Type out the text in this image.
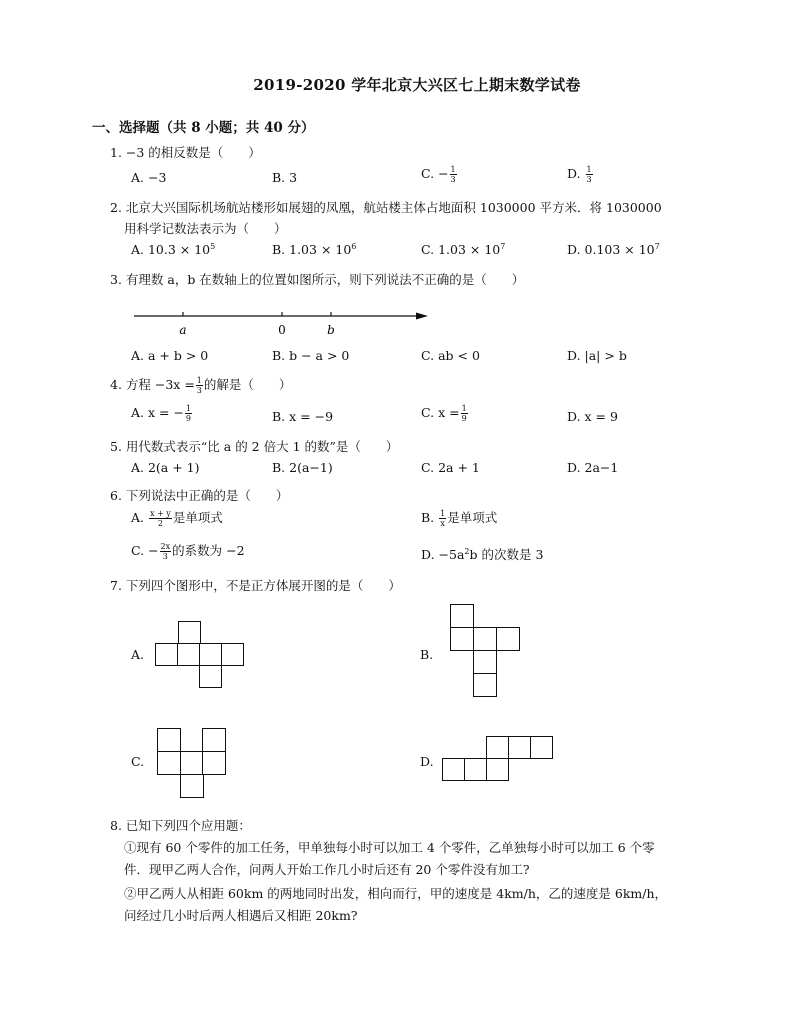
2019-2020 学年北京大兴区七上期末数学试卷
一、选择题（共 8 小题；共 40 分）
1. −3 的相反数是（　　）
A. −3	B. 3	C. − $\frac{1}{3}$	D. $\frac{1}{3}$
2. 北京大兴国际机场航站楼形如展翅的凤凰，航站楼主体占地面积 1030000 平方米．将 1030000
用科学记数法表示为（　　）
A. $10.3 \times 10^5$	B. $1.03 \times 10^6$	C. $1.03 \times 10^7$	D. $0.103 \times 10^7$
3. 有理数 a，b 在数轴上的位置如图所示，则下列说法不正确的是（　　）
a	0	b
A. a + b > 0	B. b − a > 0	C. ab < 0	D. |a| > b
4. 方程 $-3x = \frac{1}{3}$ 的解是（　　）
A. x = − $\frac{1}{9}$	B. x = −9	C. $x = \frac{1}{9}$	D. x = 9
5. 用代数式表示“比 a 的 2 倍大 1 的数”是（　　）
A. 2(a + 1)	B. 2(a−1)	C. 2a + 1	D. 2a−1
6. 下列说法中正确的是（　　）
A. $\frac{x + y}{2}$ 是单项式	B. $\frac{1}{x}$ 是单项式
C. − $\frac{2x}{3}$ 的系数为 −2	D. $-5a^2b$ 的次数是 3
7. 下列四个图形中，不是正方体展开图的是（　　）
A.	B.
C.	D.
8. 已知下列四个应用题：
①现有 60 个零件的加工任务，甲单独每小时可以加工 4 个零件，乙单独每小时可以加工 6 个零
件．现甲乙两人合作，问两人开始工作几小时后还有 20 个零件没有加工?
②甲乙两人从相距 60km 的两地同时出发，相向而行，甲的速度是 4km/h，乙的速度是 6km/h，
问经过几小时后两人相遇后又相距 20km?
